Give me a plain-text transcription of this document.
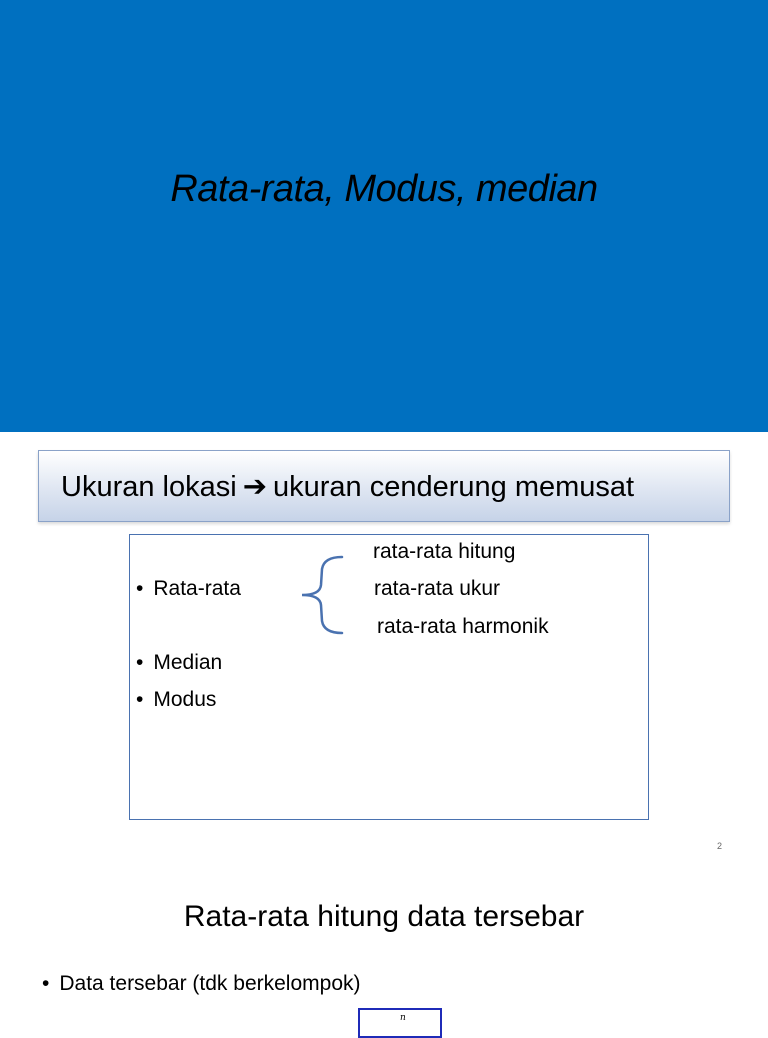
Rata-rata, Modus, median
Ukuran lokasi ➔ ukuran cenderung memusat
• Rata-rata
• Median
• Modus
rata-rata hitung
rata-rata ukur
rata-rata harmonik
2
Rata-rata hitung data tersebar
• Data tersebar (tdk berkelompok)
n
